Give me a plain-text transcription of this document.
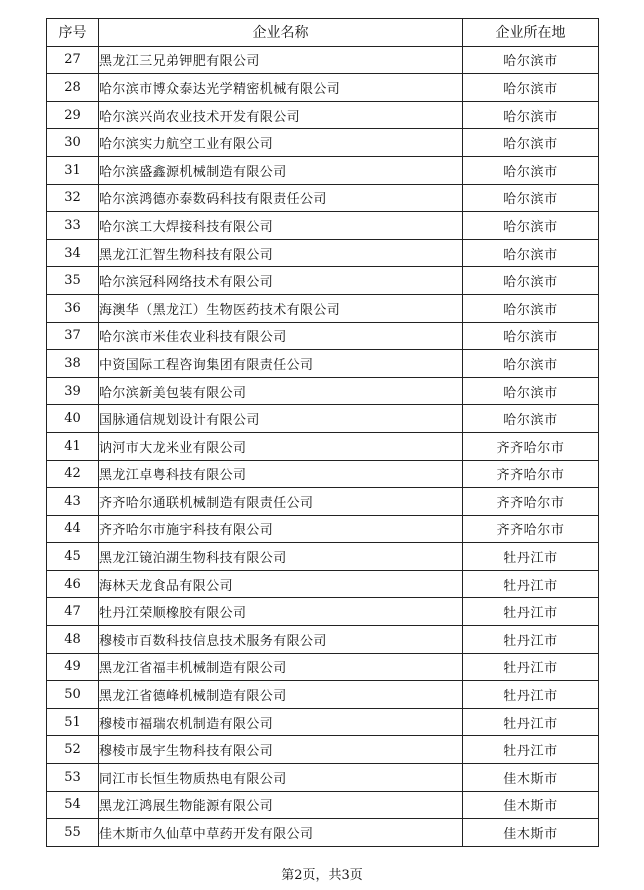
序号	企业名称	企业所在地
27	黑龙江三兄弟钾肥有限公司	哈尔滨市
28	哈尔滨市博众泰达光学精密机械有限公司	哈尔滨市
29	哈尔滨兴尚农业技术开发有限公司	哈尔滨市
30	哈尔滨实力航空工业有限公司	哈尔滨市
31	哈尔滨盛鑫源机械制造有限公司	哈尔滨市
32	哈尔滨鸿德亦泰数码科技有限责任公司	哈尔滨市
33	哈尔滨工大焊接科技有限公司	哈尔滨市
34	黑龙江汇智生物科技有限公司	哈尔滨市
35	哈尔滨冠科网络技术有限公司	哈尔滨市
36	海澳华（黑龙江）生物医药技术有限公司	哈尔滨市
37	哈尔滨市米佳农业科技有限公司	哈尔滨市
38	中资国际工程咨询集团有限责任公司	哈尔滨市
39	哈尔滨新美包装有限公司	哈尔滨市
40	国脉通信规划设计有限公司	哈尔滨市
41	讷河市大龙米业有限公司	齐齐哈尔市
42	黑龙江卓粤科技有限公司	齐齐哈尔市
43	齐齐哈尔通联机械制造有限责任公司	齐齐哈尔市
44	齐齐哈尔市施宇科技有限公司	齐齐哈尔市
45	黑龙江镜泊湖生物科技有限公司	牡丹江市
46	海林天龙食品有限公司	牡丹江市
47	牡丹江荣顺橡胶有限公司	牡丹江市
48	穆棱市百数科技信息技术服务有限公司	牡丹江市
49	黑龙江省福丰机械制造有限公司	牡丹江市
50	黑龙江省德峰机械制造有限公司	牡丹江市
51	穆棱市福瑞农机制造有限公司	牡丹江市
52	穆棱市晟宇生物科技有限公司	牡丹江市
53	同江市长恒生物质热电有限公司	佳木斯市
54	黑龙江鸿展生物能源有限公司	佳木斯市
55	佳木斯市久仙草中草药开发有限公司	佳木斯市
第2页，共3页
